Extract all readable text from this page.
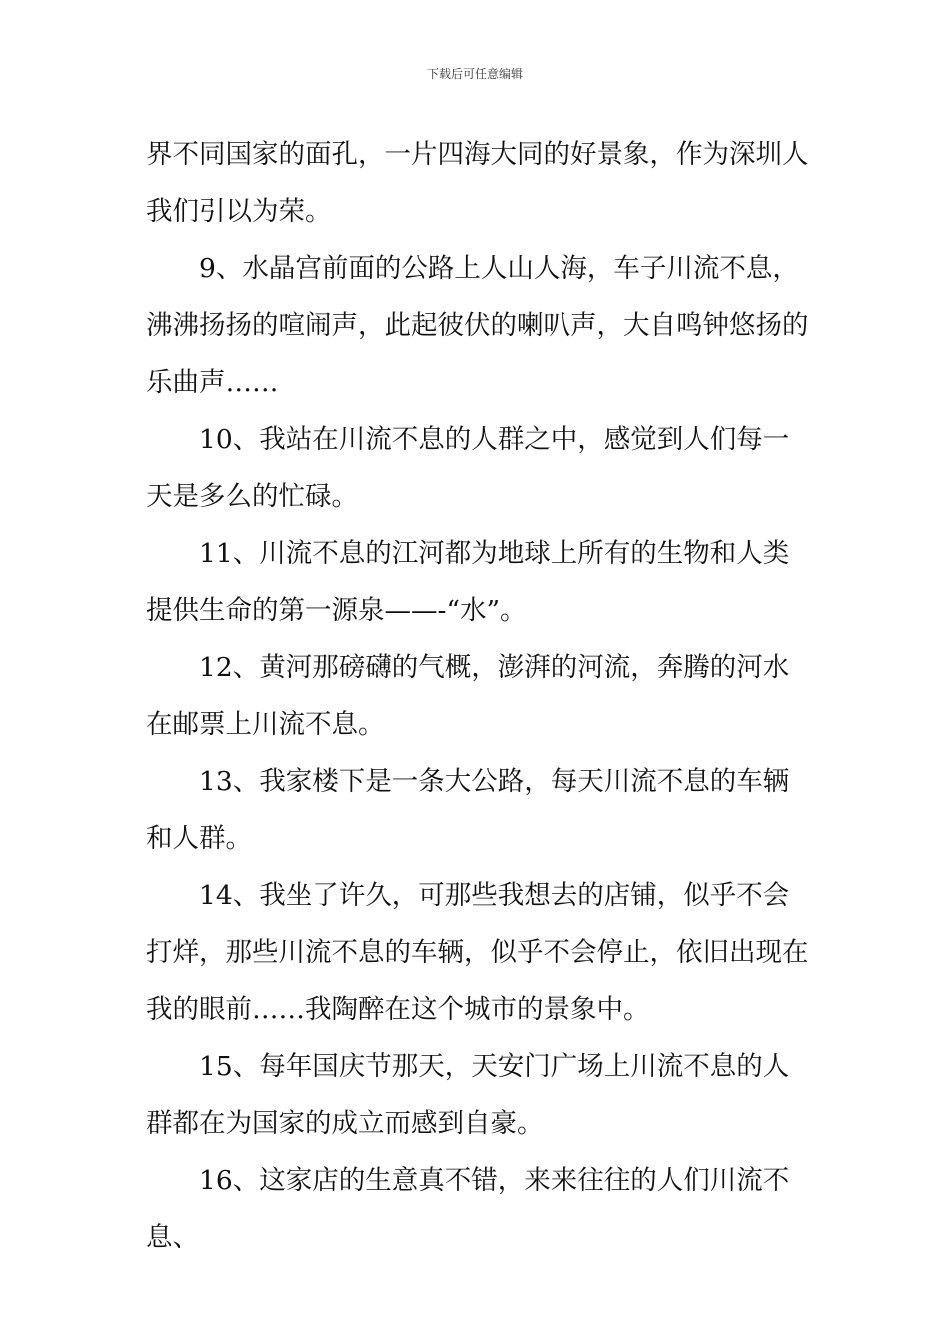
下载后可任意编辑

界不同国家的面孔，一片四海大同的好景象，作为深圳人我们引以为荣。

9、水晶宫前面的公路上人山人海，车子川流不息，沸沸扬扬的喧闹声，此起彼伏的喇叭声，大自鸣钟悠扬的乐曲声……

10、我站在川流不息的人群之中，感觉到人们每一天是多么的忙碌。

11、川流不息的江河都为地球上所有的生物和人类提供生命的第一源泉——-“水”。

12、黄河那磅礴的气概，澎湃的河流，奔腾的河水在邮票上川流不息。

13、我家楼下是一条大公路，每天川流不息的车辆和人群。

14、我坐了许久，可那些我想去的店铺，似乎不会打烊，那些川流不息的车辆，似乎不会停止，依旧出现在我的眼前……我陶醉在这个城市的景象中。

15、每年国庆节那天，天安门广场上川流不息的人群都在为国家的成立而感到自豪。

16、这家店的生意真不错，来来往往的人们川流不息、
